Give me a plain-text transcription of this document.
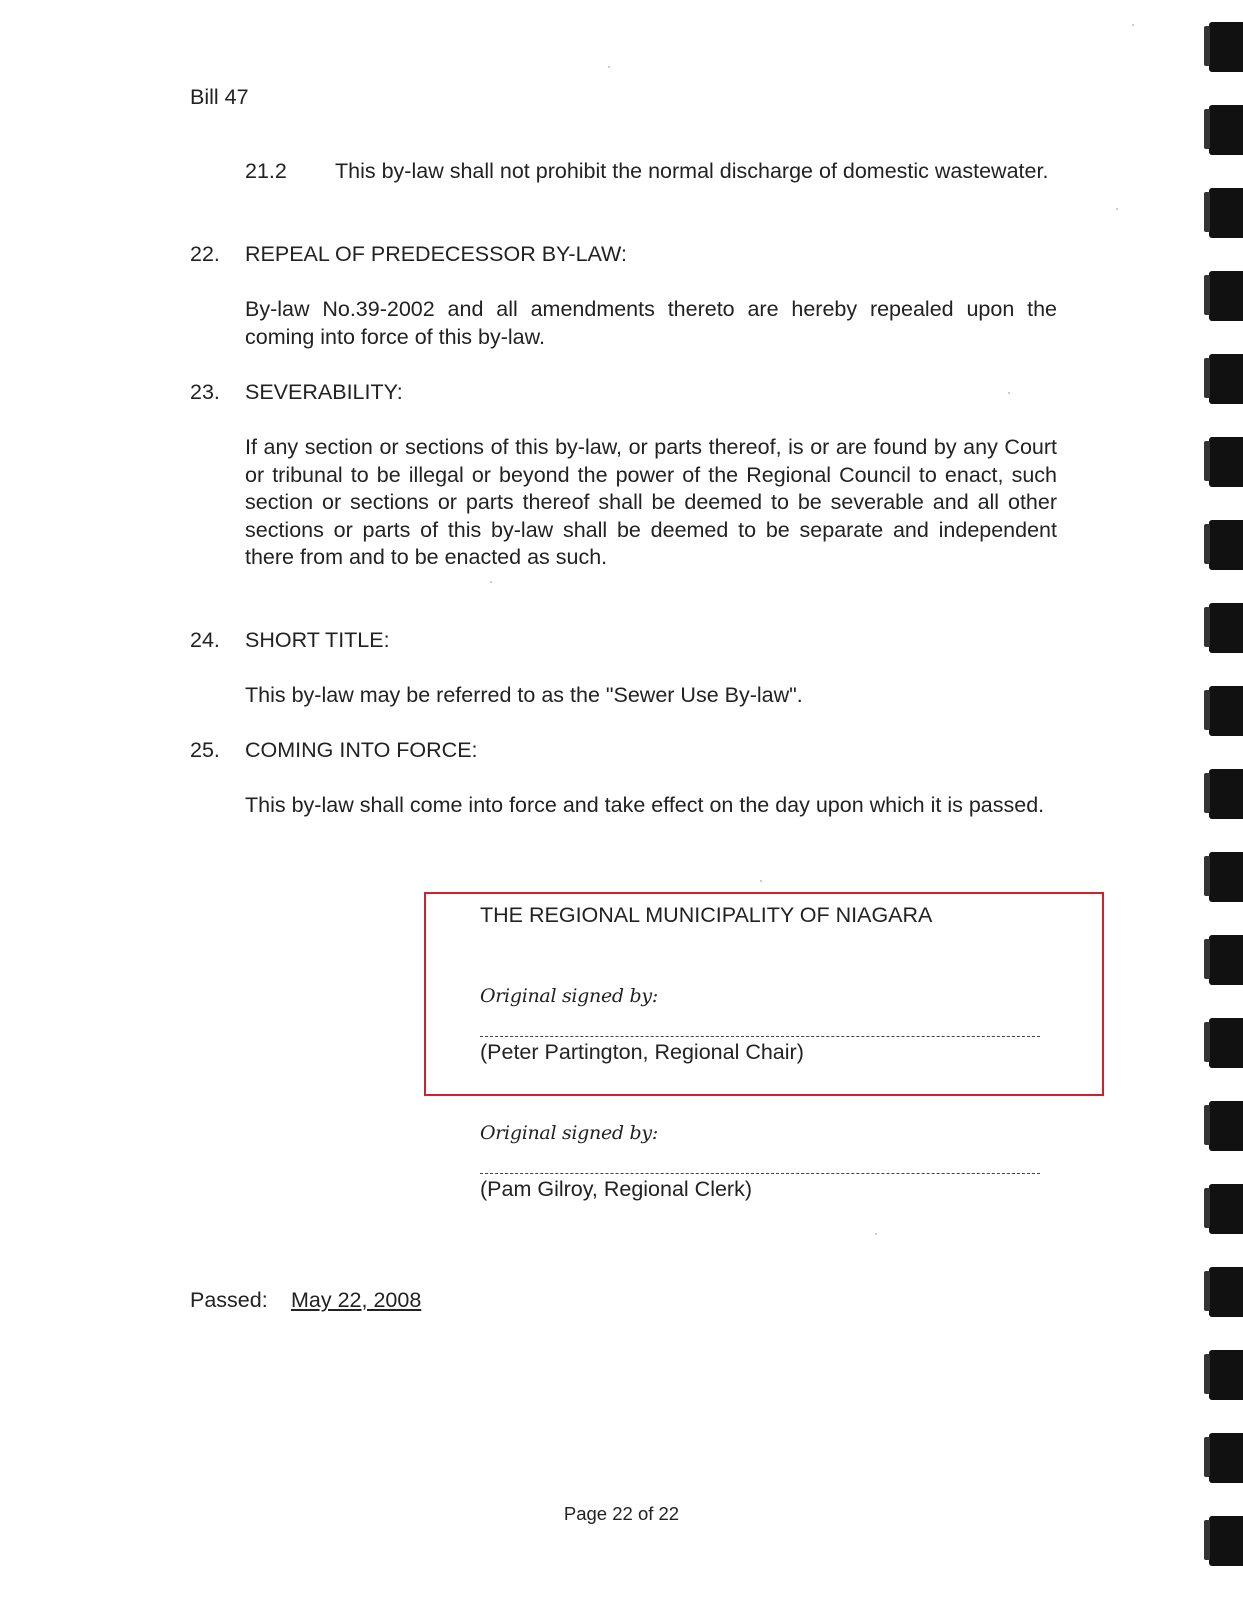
Bill 47
21.2 This by-law shall not prohibit the normal discharge of domestic wastewater.
22. REPEAL OF PREDECESSOR BY-LAW:
By-law No.39-2002 and all amendments thereto are hereby repealed upon the coming into force of this by-law.
23. SEVERABILITY:
If any section or sections of this by-law, or parts thereof, is or are found by any Court or tribunal to be illegal or beyond the power of the Regional Council to enact, such section or sections or parts thereof shall be deemed to be severable and all other sections or parts of this by-law shall be deemed to be separate and independent there from and to be enacted as such.
24. SHORT TITLE:
This by-law may be referred to as the "Sewer Use By-law".
25. COMING INTO FORCE:
This by-law shall come into force and take effect on the day upon which it is passed.
THE REGIONAL MUNICIPALITY OF NIAGARA
Original signed by:
(Peter Partington, Regional Chair)
Original signed by:
(Pam Gilroy, Regional Clerk)
Passed: May 22, 2008
Page 22 of 22
